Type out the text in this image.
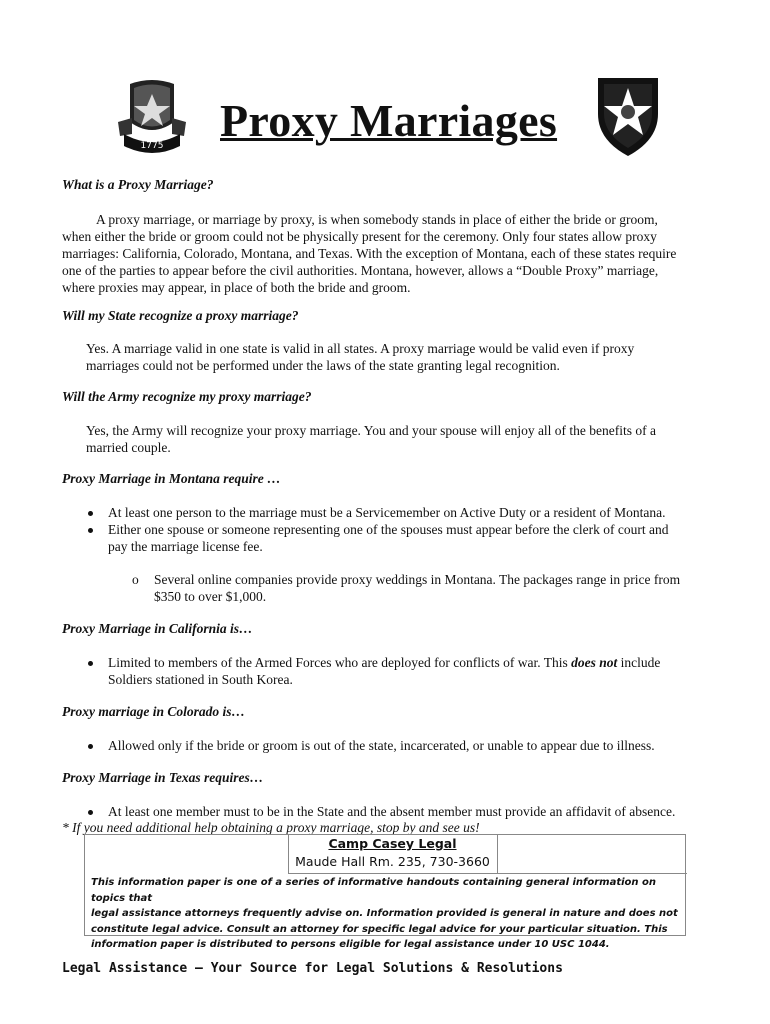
1775 Proxy Marriages
What is a Proxy Marriage?
A proxy marriage, or marriage by proxy, is when somebody stands in place of either the bride or groom,
when either the bride or groom could not be physically present for the ceremony. Only four states allow proxy
marriages: California, Colorado, Montana, and Texas. With the exception of Montana, each of these states require
one of the parties to appear before the civil authorities. Montana, however, allows a “Double Proxy” marriage,
where proxies may appear, in place of both the bride and groom.
Will my State recognize a proxy marriage?
Yes. A marriage valid in one state is valid in all states. A proxy marriage would be valid even if proxy
marriages could not be performed under the laws of the state granting legal recognition.
Will the Army recognize my proxy marriage?
Yes, the Army will recognize your proxy marriage. You and your spouse will enjoy all of the benefits of a
married couple.
Proxy Marriage in Montana require …
At least one person to the marriage must be a Servicemember on Active Duty or a resident of Montana.
Either one spouse or someone representing one of the spouses must appear before the clerk of court and
pay the marriage license fee.
o Several online companies provide proxy weddings in Montana. The packages range in price from
$350 to over $1,000.
Proxy Marriage in California is…
Limited to members of the Armed Forces who are deployed for conflicts of war. This does not include
Soldiers stationed in South Korea.
Proxy marriage in Colorado is…
Allowed only if the bride or groom is out of the state, incarcerated, or unable to appear due to illness.
Proxy Marriage in Texas requires…
At least one member must to be in the State and the absent member must provide an affidavit of absence.
* If you need additional help obtaining a proxy marriage, stop by and see us!
Camp Casey Legal
Maude Hall Rm. 235, 730-3660
This information paper is one of a series of informative handouts containing general information on topics that
legal assistance attorneys frequently advise on. Information provided is general in nature and does not
constitute legal advice. Consult an attorney for specific legal advice for your particular situation. This
information paper is distributed to persons eligible for legal assistance under 10 USC 1044.
Legal Assistance – Your Source for Legal Solutions & Resolutions
